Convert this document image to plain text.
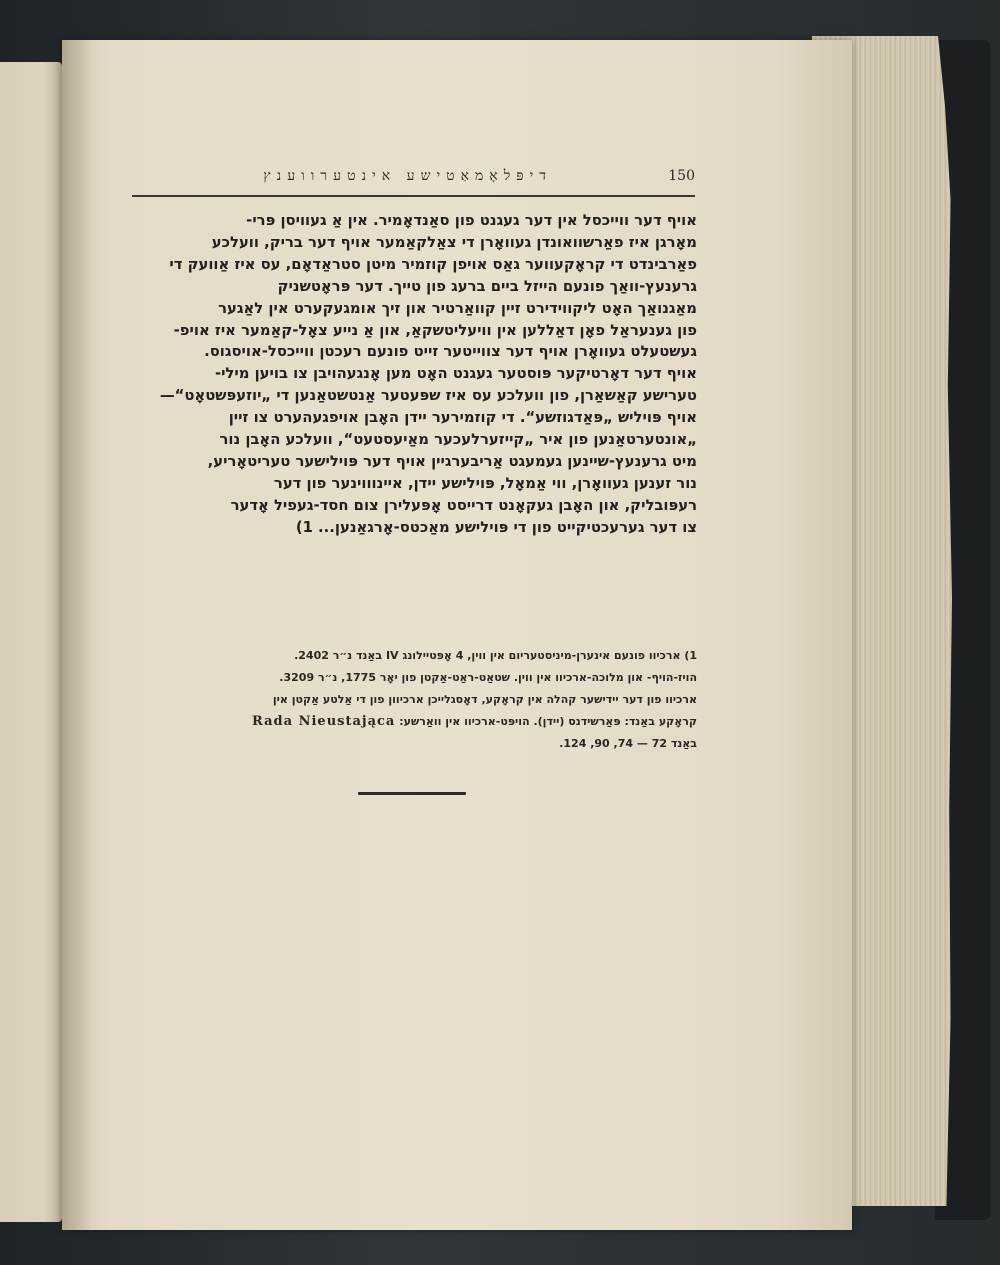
דיפּלאָמאַטישע אינטערווענץ	150

אויף דער ווייכסל אין דער געגנט פון סאַנדאָמיר. אין אַ געוויסן פּרי-

מאָרגן איז פאַרשוואונדן געוואָרן די צאַלקאַמער אויף דער בריק, וועלכע

פאַרבינדט די קראָקעווער גאַס אויפן קוזמיר מיטן סטראַדאָם, עס איז אַוועק די

גרענעץ-וואַך פונעם הייזל ביים ברעג פון טייך. דער פּראָטשניק

מאַגנואַך האָט ליקווידירט זיין קוואַרטיר און זיך אומגעקערט אין לאַגער

פון גענעראַל פאָן דאַללען אין וויעליטשקאַ, און אַ נייע צאָל-קאַמער איז אויפ-

געשטעלט געוואָרן אויף דער צווייטער זייט פונעם רעכטן ווייכסל-אויסגוס.

אויף דער דאָרטיקער פּוסטער געגנט האָט מען אָנגעהויבן צו בויען מילי-

טערישע קאַשאַרן, פון וועלכע עס איז שפּעטער אַנטשטאַנען די „יוזעפּשטאָט“—

אויף פּויליש „פּאַדגוזשע“. די קוזמירער יידן האָבן אויפגעהערט צו זיין

„אונטערטאַנען פון איר „קייזערלעכער מאַיעסטעט“, וועלכע האָבן נור

מיט גרענעץ-שיינען געמעגט אַריבערגיין אויף דער פּוילישער טעריטאָריע,

נור זענען געוואָרן, ווי אַמאָל, פּוילישע יידן, איינוווינער פון דער

רעפּובליק, און האָבן געקאָנט דרייסט אָפּעלירן צום חסד-געפיל אָדער

צו דער גערעכטיקייט פון די פּוילישע מאַכטס-אָרגאַנען... 1)

1) ארכיוו פונעם אינערן-מיניסטעריום אין ווין, 4 אָפּטיילונג IV באַנד נ״ר 2402.

הויז-הויף- און מלוכה-ארכיוו אין ווין. שטאַט-ראַט-אַקטן פון יאָר 1775, נ״ר 3209.

ארכיוו פון דער יידישער קהלה אין קראָקע, דאָסגלייכן ארכיוון פון די אַלטע אַקטן אין

קראָקע באַנד: פּאַרשידנס (יידן). הויפּט-ארכיוו אין וואַרשע: Rada Nieustająca

באַנד 72 — 74, 90, 124.
